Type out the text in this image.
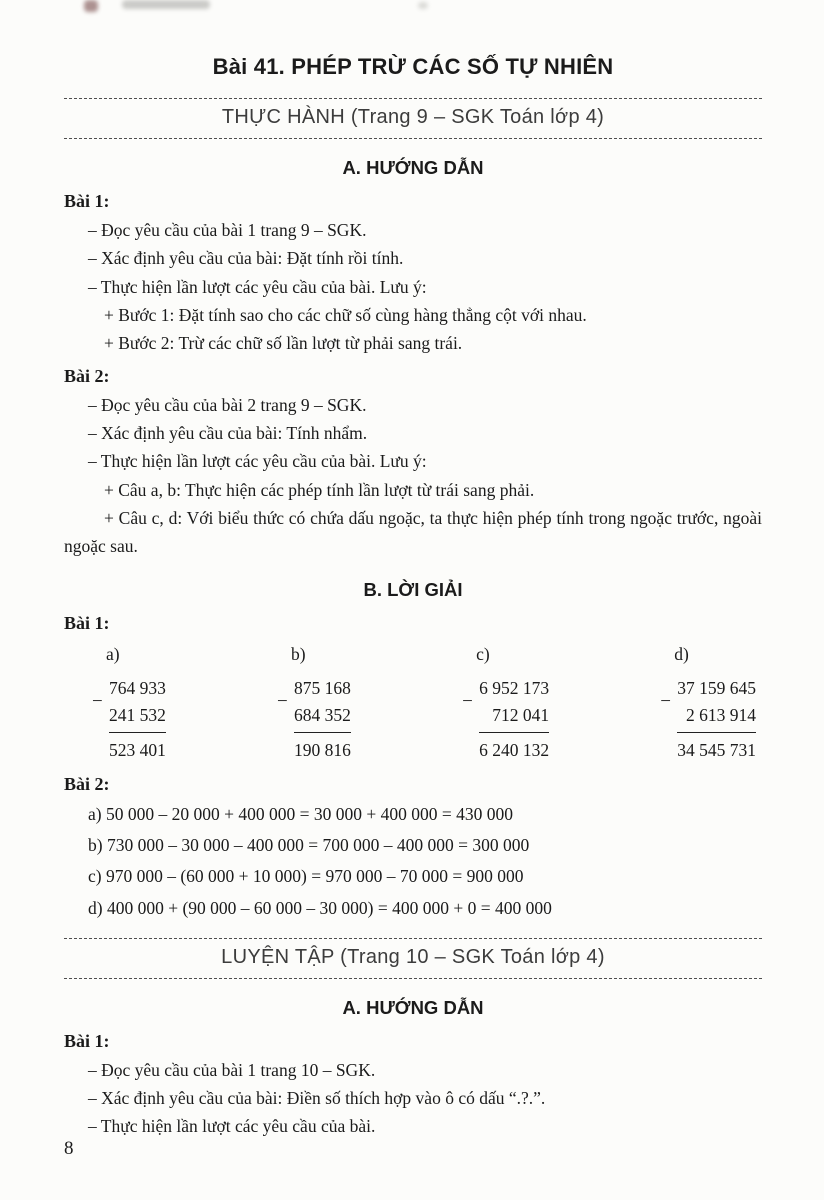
Bài 41. PHÉP TRỪ CÁC SỐ TỰ NHIÊN
THỰC HÀNH (Trang 9 – SGK Toán lớp 4)
A. HƯỚNG DẪN

Bài 1:

– Đọc yêu cầu của bài 1 trang 9 – SGK.

– Xác định yêu cầu của bài: Đặt tính rồi tính.

– Thực hiện lần lượt các yêu cầu của bài. Lưu ý:

+ Bước 1: Đặt tính sao cho các chữ số cùng hàng thẳng cột với nhau.

+ Bước 2: Trừ các chữ số lần lượt từ phải sang trái.

Bài 2:

– Đọc yêu cầu của bài 2 trang 9 – SGK.

– Xác định yêu cầu của bài: Tính nhẩm.

– Thực hiện lần lượt các yêu cầu của bài. Lưu ý:

+ Câu a, b: Thực hiện các phép tính lần lượt từ trái sang phải.

+ Câu c, d: Với biểu thức có chứa dấu ngoặc, ta thực hiện phép tính trong ngoặc trước, ngoài ngoặc sau.

B. LỜI GIẢI

Bài 1:

a)
−
764 933
241 532
523 401
b)
−
875 168
684 352
190 816
c)
−
6 952 173
712 041
6 240 132
d)
−
37 159 645
2 613 914
34 545 731

Bài 2:

a) 50 000 – 20 000 + 400 000 = 30 000 + 400 000 = 430 000

b) 730 000 – 30 000 – 400 000 = 700 000 – 400 000 = 300 000

c) 970 000 – (60 000 + 10 000) = 970 000 – 70 000 = 900 000

d) 400 000 + (90 000 – 60 000 – 30 000) = 400 000 + 0 = 400 000

LUYỆN TẬP (Trang 10 – SGK Toán lớp 4)
A. HƯỚNG DẪN

Bài 1:

– Đọc yêu cầu của bài 1 trang 10 – SGK.

– Xác định yêu cầu của bài: Điền số thích hợp vào ô có dấu “.?.”.

– Thực hiện lần lượt các yêu cầu của bài.

8
